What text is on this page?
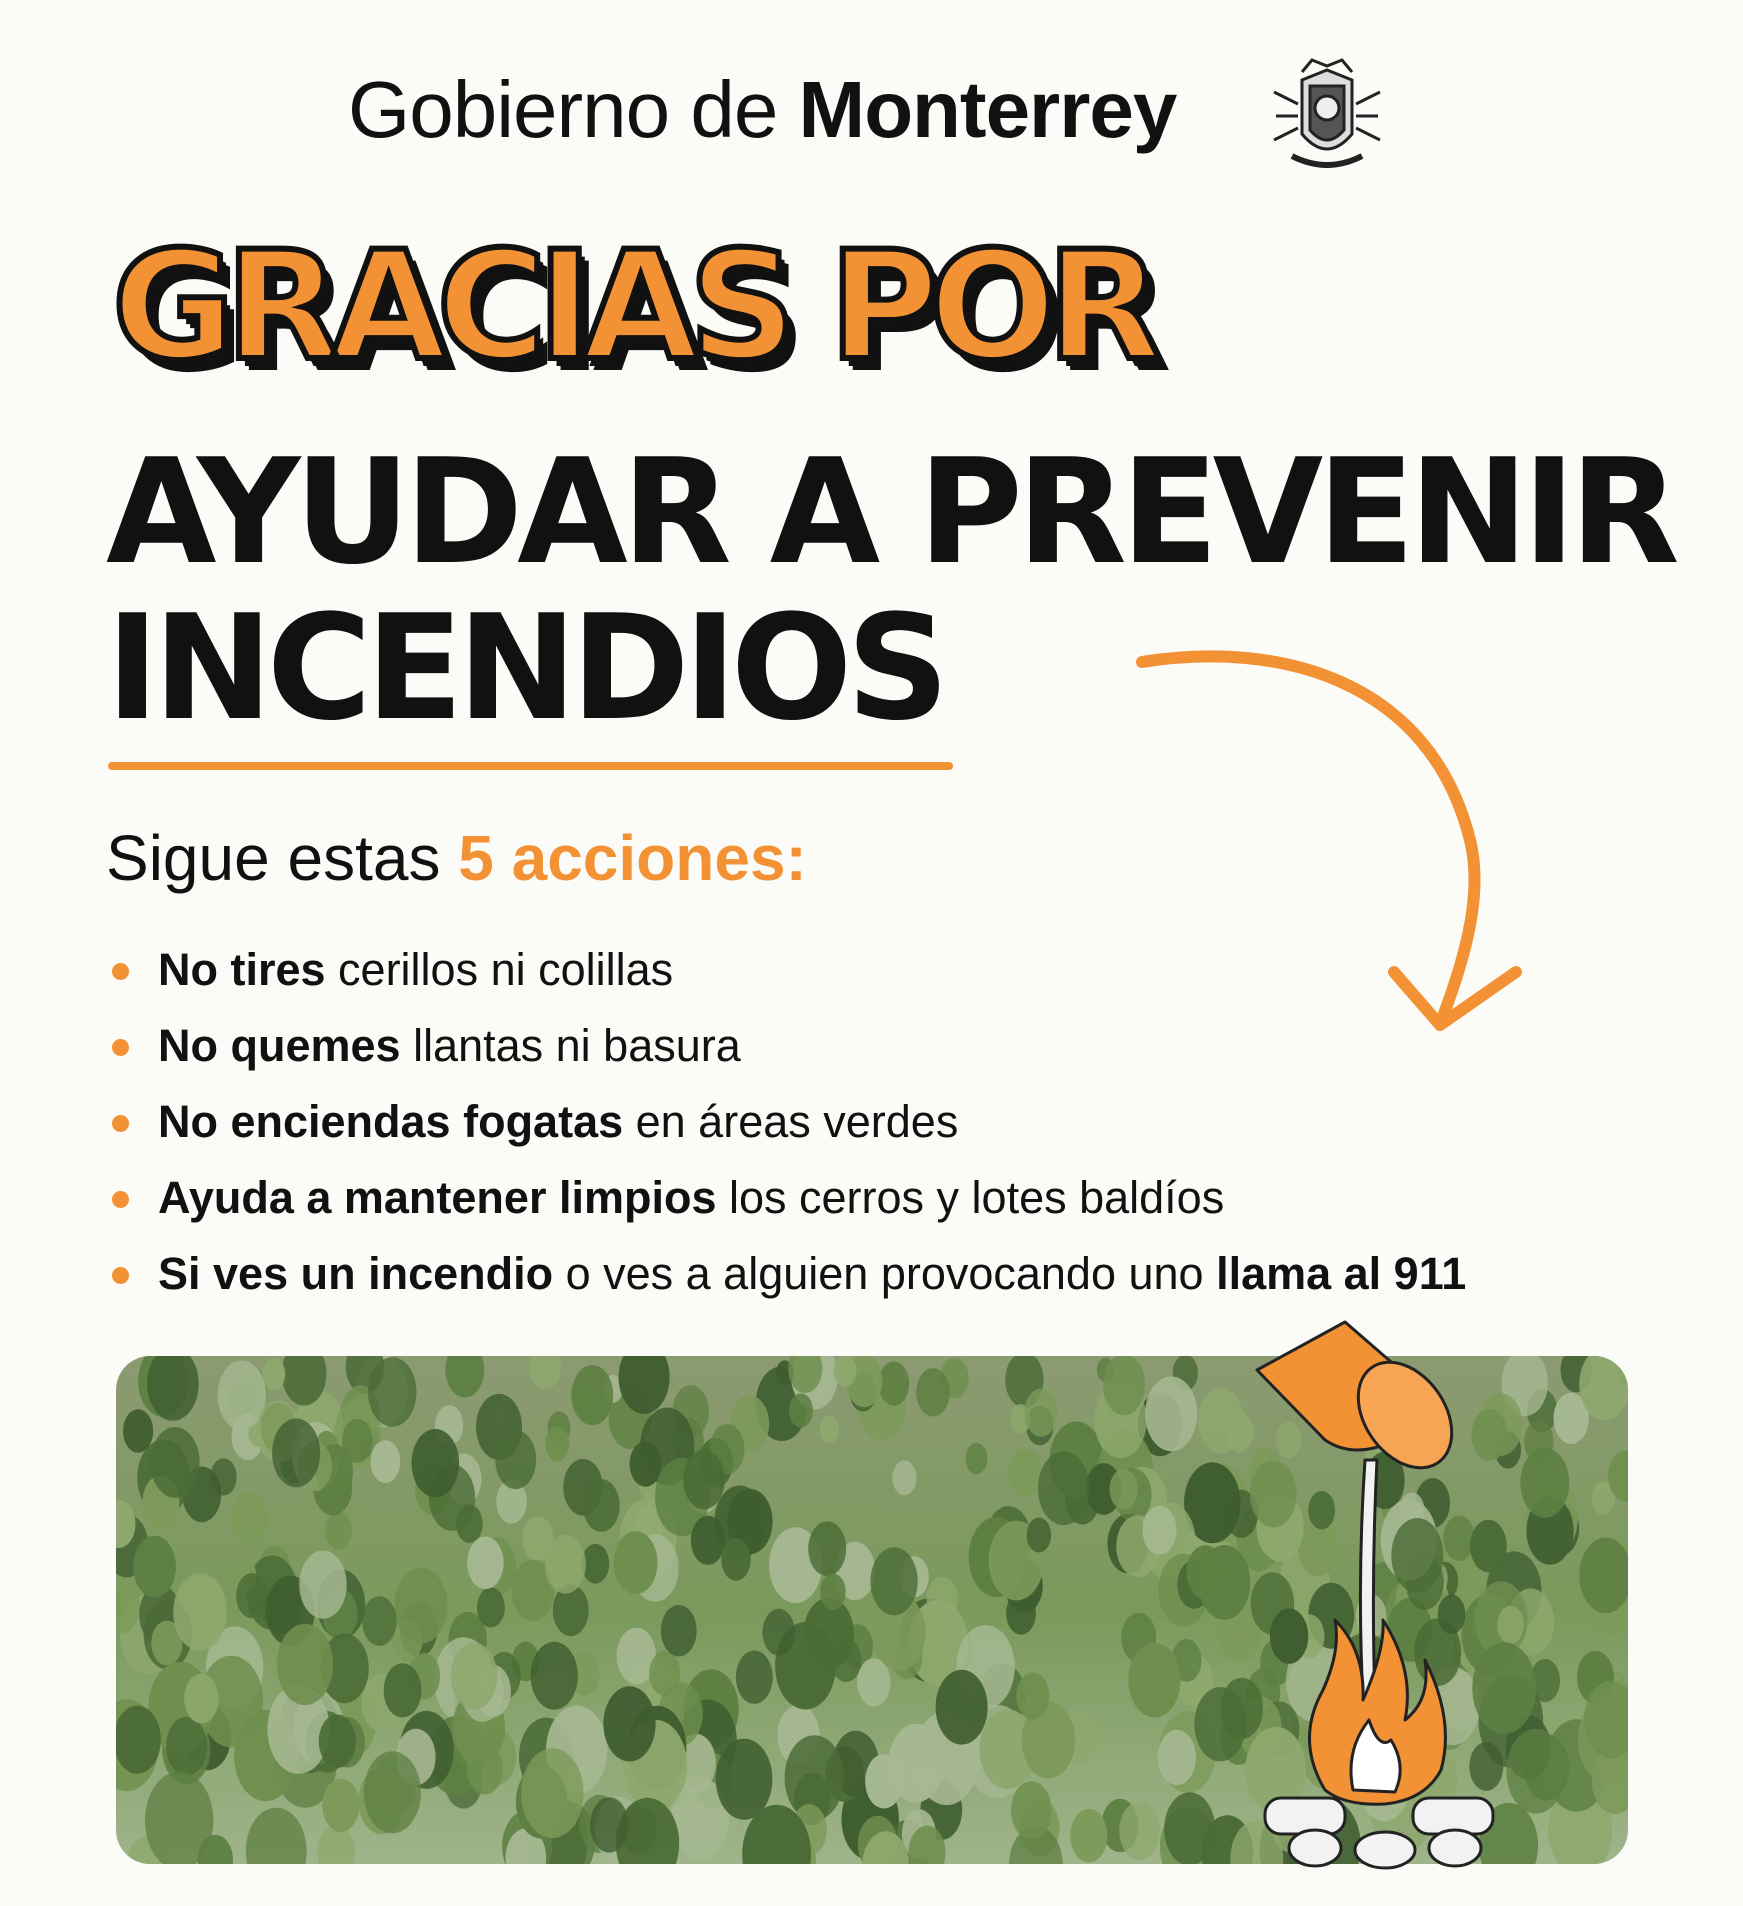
Gobierno de Monterrey
GRACIAS POR
AYUDAR A PREVENIR
INCENDIOS
Sigue estas 5 acciones:
No tires cerillos ni colillas
No quemes llantas ni basura
No enciendas fogatas en áreas verdes
Ayuda a mantener limpios los cerros y lotes baldíos
Si ves un incendio o ves a alguien provocando uno llama al 911
